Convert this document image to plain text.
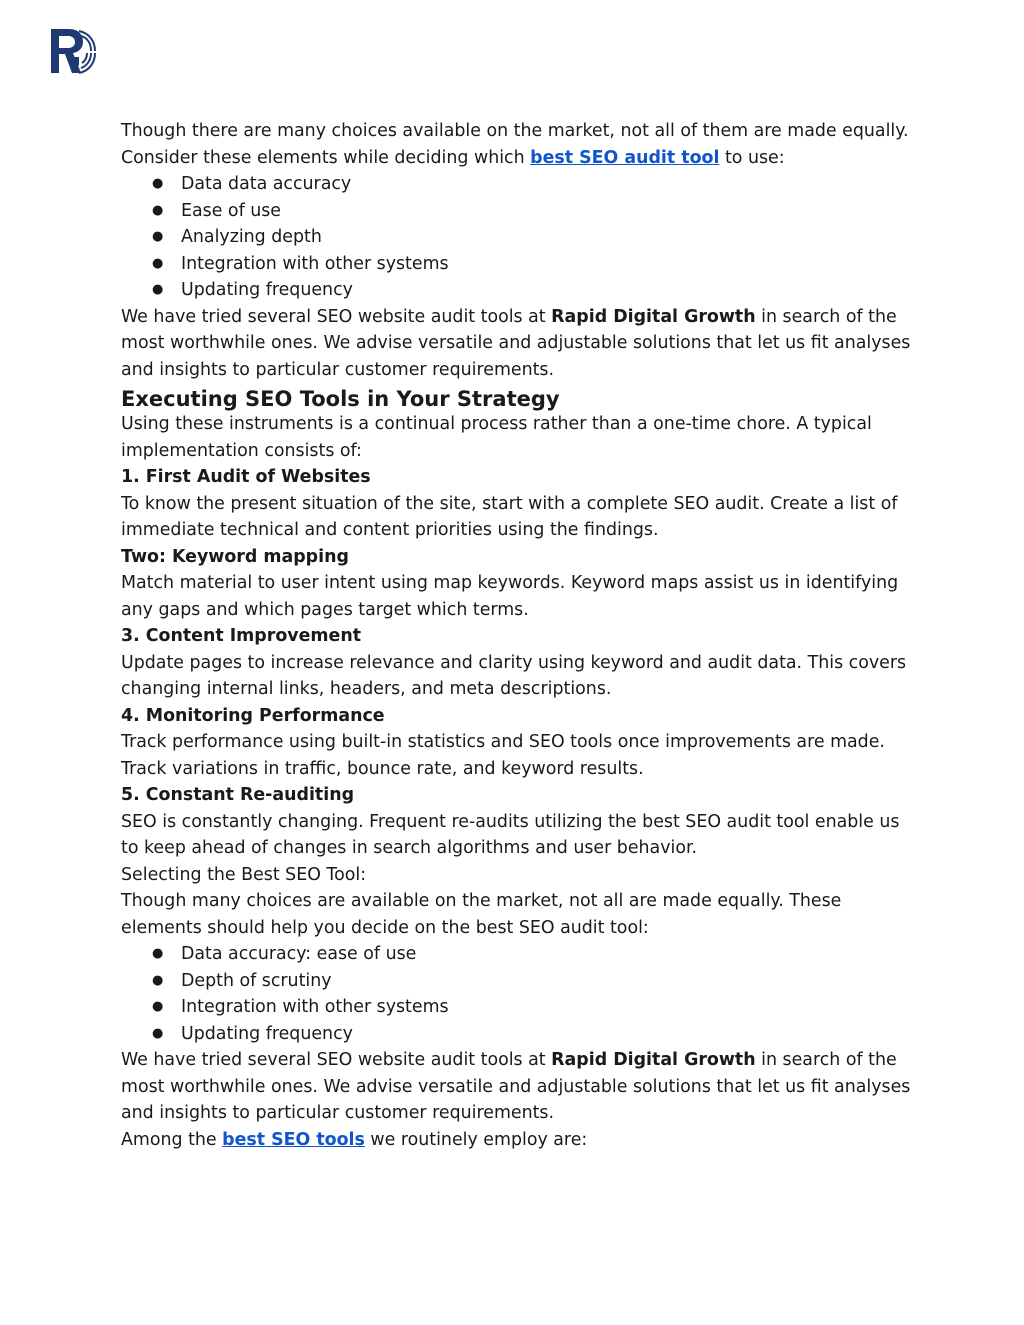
Though there are many choices available on the market, not all of them are made equally. Consider these elements while deciding which best SEO audit tool to use:

● Data data accuracy
● Ease of use
● Analyzing depth
● Integration with other systems
● Updating frequency

We have tried several SEO website audit tools at Rapid Digital Growth in search of the most worthwhile ones. We advise versatile and adjustable solutions that let us fit analyses and insights to particular customer requirements.

Executing SEO Tools in Your Strategy

Using these instruments is a continual process rather than a one-time chore. A typical implementation consists of:

1. First Audit of Websites

To know the present situation of the site, start with a complete SEO audit. Create a list of immediate technical and content priorities using the findings.

Two: Keyword mapping

Match material to user intent using map keywords. Keyword maps assist us in identifying any gaps and which pages target which terms.

3. Content Improvement

Update pages to increase relevance and clarity using keyword and audit data. This covers changing internal links, headers, and meta descriptions.

4. Monitoring Performance

Track performance using built-in statistics and SEO tools once improvements are made. Track variations in traffic, bounce rate, and keyword results.

5. Constant Re-auditing

SEO is constantly changing. Frequent re-audits utilizing the best SEO audit tool enable us to keep ahead of changes in search algorithms and user behavior.

Selecting the Best SEO Tool:

Though many choices are available on the market, not all are made equally. These elements should help you decide on the best SEO audit tool:

● Data accuracy: ease of use
● Depth of scrutiny
● Integration with other systems
● Updating frequency

We have tried several SEO website audit tools at Rapid Digital Growth in search of the most worthwhile ones. We advise versatile and adjustable solutions that let us fit analyses and insights to particular customer requirements.

Among the best SEO tools we routinely employ are:
